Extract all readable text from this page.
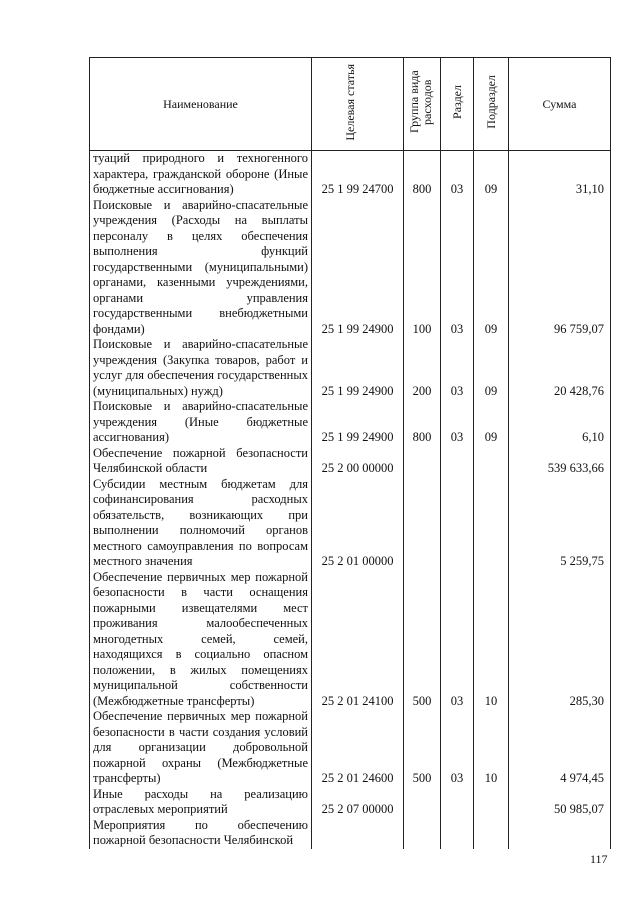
Наименование	Целевая статья	Группа вида расходов	Раздел	Подраздел	Сумма
туаций природного и техногенного характера, гражданской обороне (Иные бюджетные ассигнования)	25 1 99 24700	800	03	09	31,10
Поисковые и аварийно-спасательные учреждения (Расходы на выплаты персоналу в целях обеспечения выполнения функций государственными (муниципальными) органами, казенными учреждениями, органами управления государственными внебюджетными фондами)	25 1 99 24900	100	03	09	96 759,07
Поисковые и аварийно-спасательные учреждения (Закупка товаров, работ и услуг для обеспечения государственных (муниципальных) нужд)	25 1 99 24900	200	03	09	20 428,76
Поисковые и аварийно-спасательные учреждения (Иные бюджетные ассигнования)	25 1 99 24900	800	03	09	6,10
Обеспечение пожарной безопасности Челябинской области	25 2 00 00000				539 633,66
Субсидии местным бюджетам для софинансирования расходных обязательств, возникающих при выполнении полномочий органов местного самоуправления по вопросам местного значения	25 2 01 00000				5 259,75
Обеспечение первичных мер пожарной безопасности в части оснащения пожарными извещателями мест проживания малообеспеченных многодетных семей, семей, находящихся в социально опасном положении, в жилых помещениях муниципальной собственности (Межбюджетные трансферты)	25 2 01 24100	500	03	10	285,30
Обеспечение первичных мер пожарной безопасности в части создания условий для организации добровольной пожарной охраны (Межбюджетные трансферты)	25 2 01 24600	500	03	10	4 974,45
Иные расходы на реализацию отраслевых мероприятий	25 2 07 00000				50 985,07
Мероприятия по обеспечению пожарной безопасности Челябинской					
117
